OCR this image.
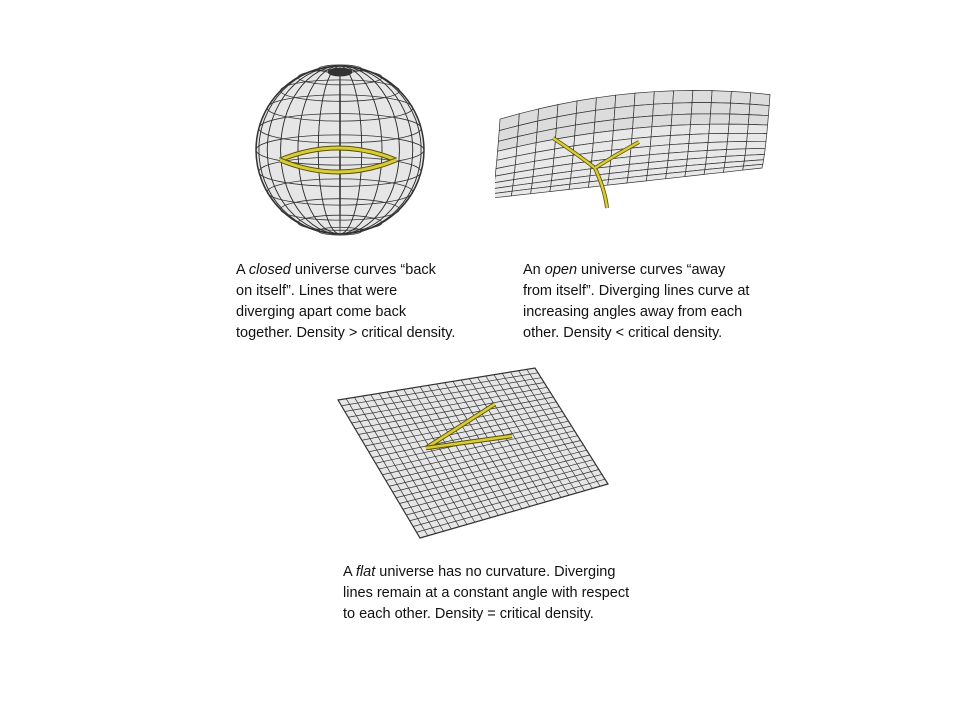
A closed universe curves “back

on itself”. Lines that were

diverging apart come back

together. Density > critical density.

An open universe curves “away

from itself”. Diverging lines curve at

increasing angles away from each

other. Density < critical density.

A flat universe has no curvature. Diverging

lines remain at a constant angle with respect

to each other. Density = critical density.
